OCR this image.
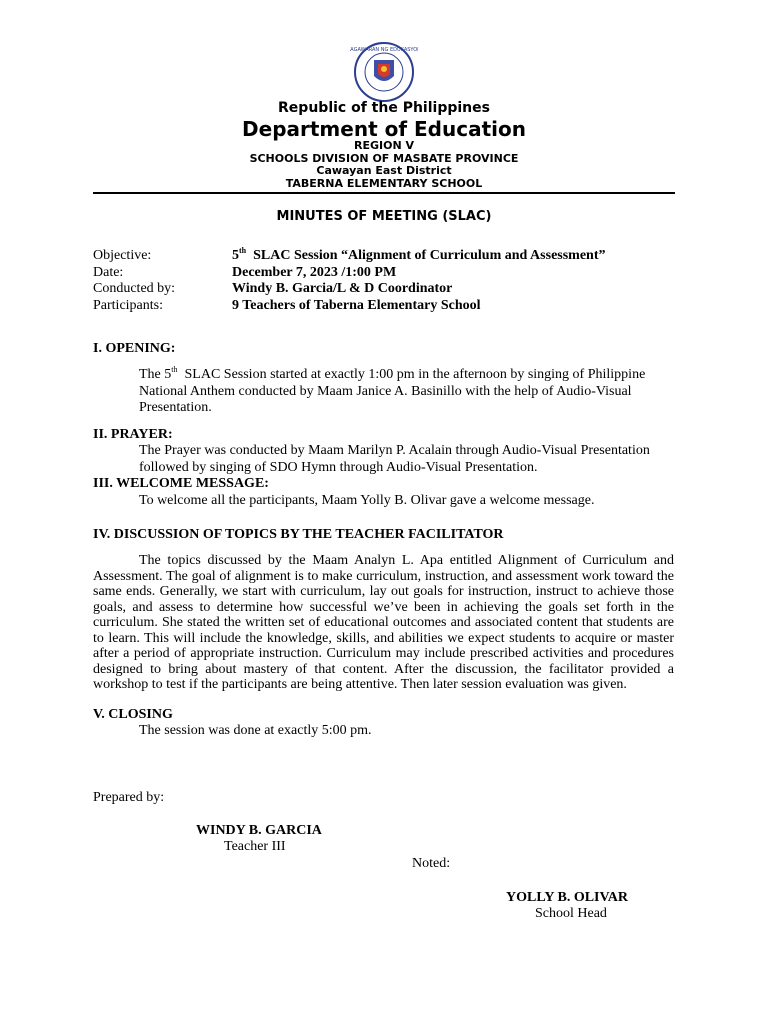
KAGAWARAN NG EDUKASYON
Republic of the Philippines
Department of Education
REGION V
SCHOOLS DIVISION OF MASBATE PROVINCE
Cawayan East District
TABERNA ELEMENTARY SCHOOL
MINUTES OF MEETING (SLAC)
Objective:	5th  SLAC Session “Alignment of Curriculum and Assessment”
Date:	December 7, 2023 /1:00 PM
Conducted by:	Windy B. Garcia/L & D Coordinator
Participants:	9 Teachers of Taberna Elementary School
I. OPENING:
The 5th  SLAC Session started at exactly 1:00 pm in the afternoon by singing of Philippine
National Anthem conducted by Maam Janice A. Basinillo with the help of Audio-Visual
Presentation.
II. PRAYER:
The Prayer was conducted by Maam Marilyn P. Acalain through Audio-Visual Presentation
followed by singing of SDO Hymn through Audio-Visual Presentation.
III. WELCOME MESSAGE:
To welcome all the participants, Maam Yolly B. Olivar gave a welcome message.
IV. DISCUSSION OF TOPICS BY THE TEACHER FACILITATOR
The topics discussed by the Maam Analyn L. Apa entitled Alignment of Curriculum and Assessment. The goal of alignment is to make curriculum, instruction, and assessment work toward the same ends. Generally, we start with curriculum, lay out goals for instruction, instruct to achieve those goals, and assess to determine how successful we’ve been in achieving the goals set forth in the curriculum. She stated the written set of educational outcomes and associated content that students are to learn. This will include the knowledge, skills, and abilities we expect students to acquire or master after a period of appropriate instruction. Curriculum may include prescribed activities and procedures designed to bring about mastery of that content. After the discussion, the facilitator provided a workshop to test if the participants are being attentive. Then later session evaluation was given.
V. CLOSING
The session was done at exactly 5:00 pm.
Prepared by:
WINDY B. GARCIA
Teacher III
Noted:
YOLLY B. OLIVAR
School Head
